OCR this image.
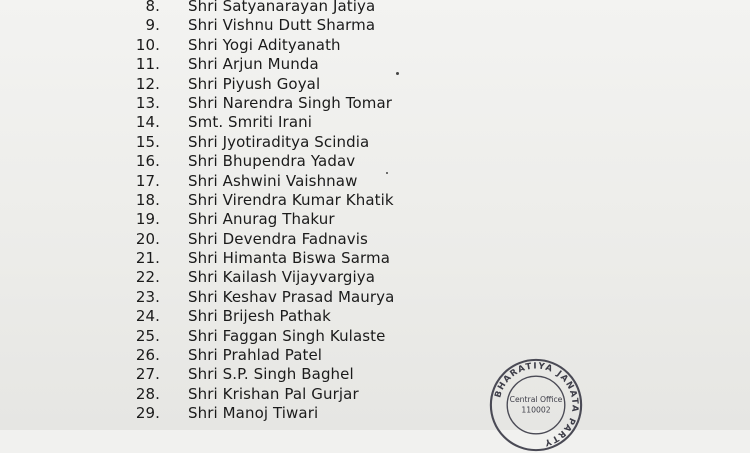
8. Shri Satyanarayan Jatiya
9. Shri Vishnu Dutt Sharma
10. Shri Yogi Adityanath
11. Shri Arjun Munda
12. Shri Piyush Goyal
13. Shri Narendra Singh Tomar
14. Smt. Smriti Irani
15. Shri Jyotiraditya Scindia
16. Shri Bhupendra Yadav
17. Shri Ashwini Vaishnaw
18. Shri Virendra Kumar Khatik
19. Shri Anurag Thakur
20. Shri Devendra Fadnavis
21. Shri Himanta Biswa Sarma
22. Shri Kailash Vijayvargiya
23. Shri Keshav Prasad Maurya
24. Shri Brijesh Pathak
25. Shri Faggan Singh Kulaste
26. Shri Prahlad Patel
27. Shri S.P. Singh Baghel
28. Shri Krishan Pal Gurjar
29. Shri Manoj Tiwari
BHARATIYA JANATA PARTY
Central Office
110002
